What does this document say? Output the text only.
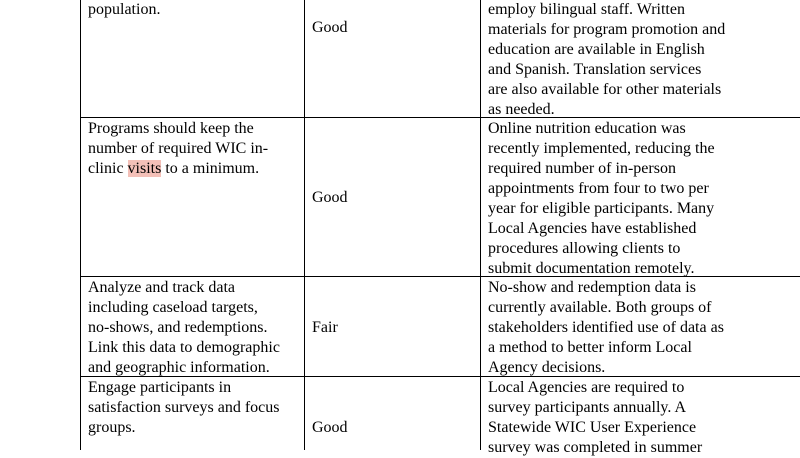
population.
Good
employ bilingual staff. Written
materials for program promotion and
education are available in English
and Spanish. Translation services
are also available for other materials
as needed.
Programs should keep the
number of required WIC in-
clinic visits to a minimum.
Good
Online nutrition education was
recently implemented, reducing the
required number of in-person
appointments from four to two per
year for eligible participants. Many
Local Agencies have established
procedures allowing clients to
submit documentation remotely.
Analyze and track data
including caseload targets,
no-shows, and redemptions.
Link this data to demographic
and geographic information.
Fair
No-show and redemption data is
currently available. Both groups of
stakeholders identified use of data as
a method to better inform Local
Agency decisions.
Engage participants in
satisfaction surveys and focus
groups.	Good
Local Agencies are required to
survey participants annually. A
Statewide WIC User Experience
survey was completed in summer
